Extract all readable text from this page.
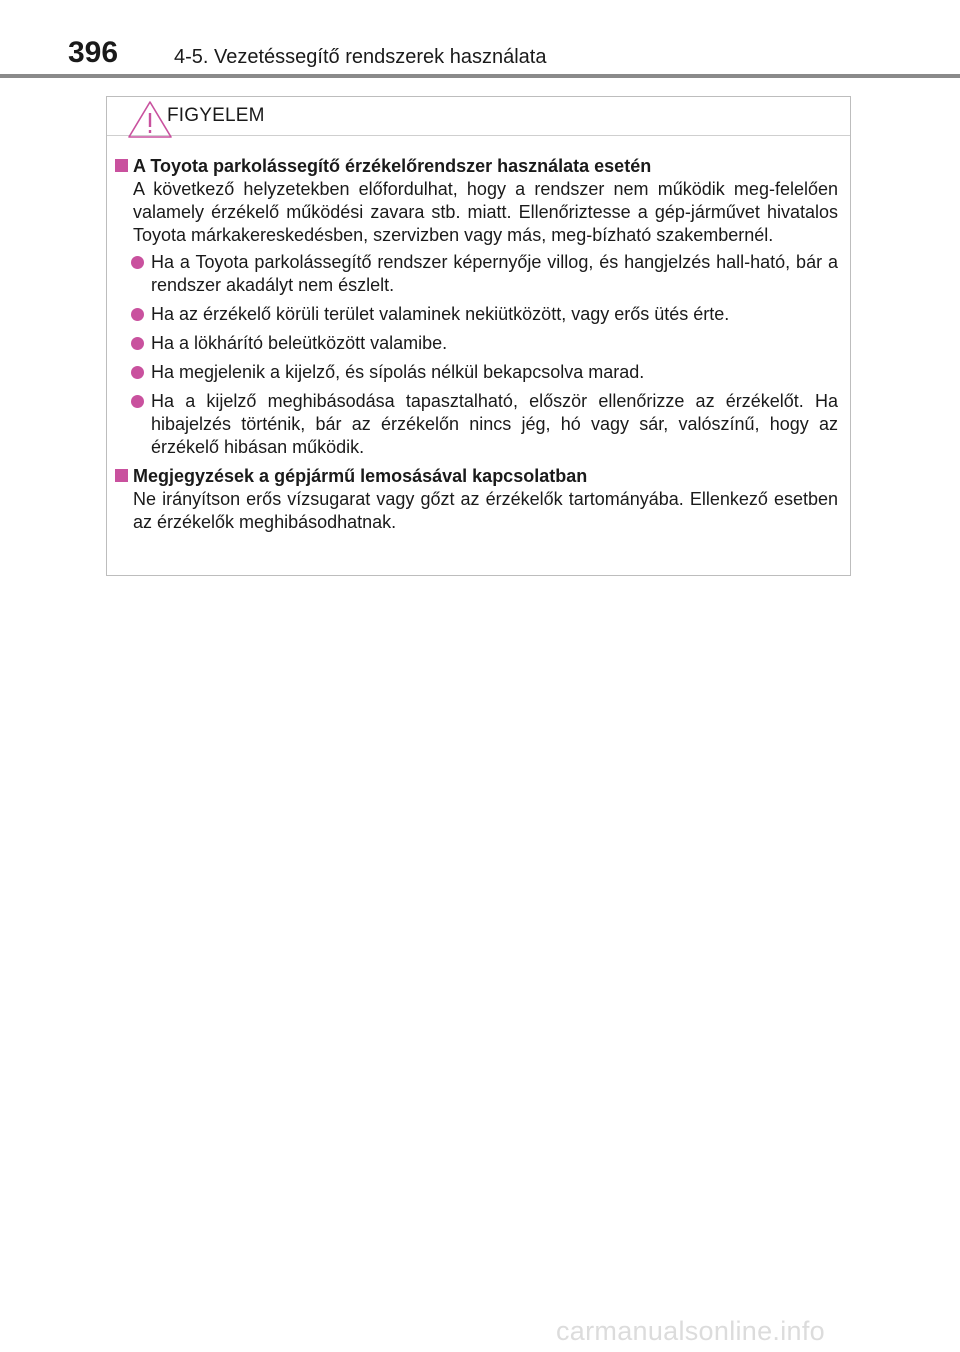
396	4-5. Vezetéssegítő rendszerek használata
FIGYELEM
A Toyota parkolássegítő érzékelőrendszer használata esetén
A következő helyzetekben előfordulhat, hogy a rendszer nem működik meg-felelően valamely érzékelő működési zavara stb. miatt. Ellenőriztesse a gép-járművet hivatalos Toyota márkakereskedésben, szervizben vagy más, meg-bízható szakembernél.
Ha a Toyota parkolássegítő rendszer képernyője villog, és hangjelzés hall-ható, bár a rendszer akadályt nem észlelt.
Ha az érzékelő körüli terület valaminek nekiütközött, vagy erős ütés érte.
Ha a lökhárító beleütközött valamibe.
Ha megjelenik a kijelző, és sípolás nélkül bekapcsolva marad.
Ha a kijelző meghibásodása tapasztalható, először ellenőrizze az érzékelőt. Ha hibajelzés történik, bár az érzékelőn nincs jég, hó vagy sár, valószínű, hogy az érzékelő hibásan működik.
Megjegyzések a gépjármű lemosásával kapcsolatban
Ne irányítson erős vízsugarat vagy gőzt az érzékelők tartományába. Ellenkező esetben az érzékelők meghibásodhatnak.
carmanualsonline.info
